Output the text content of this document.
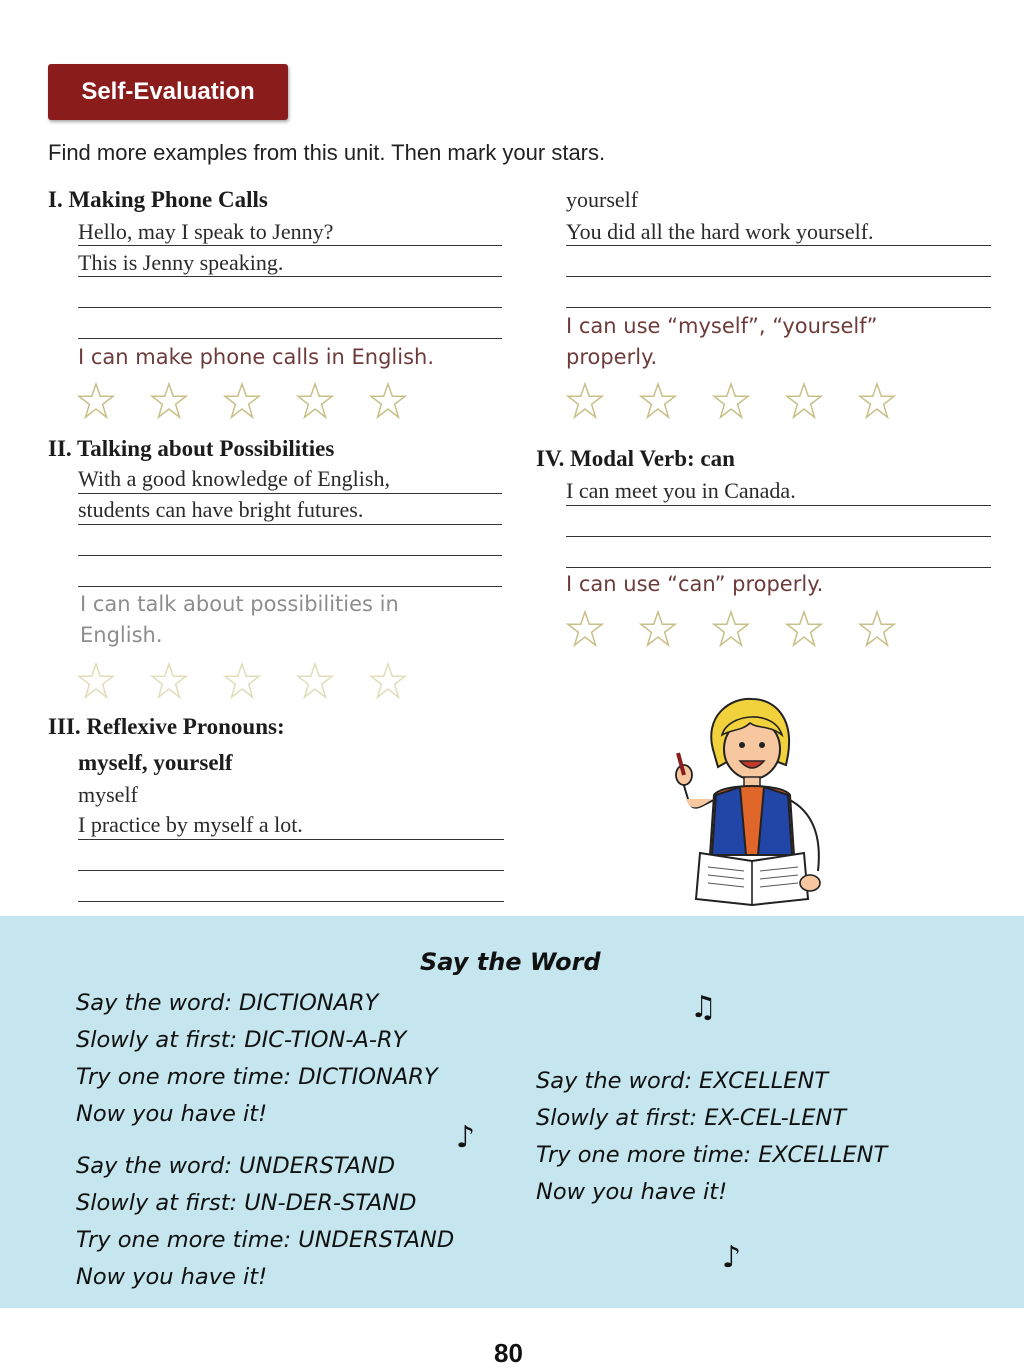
Self-Evaluation
Find more examples from this unit. Then mark your stars.
I. Making Phone Calls
Hello, may I speak to Jenny?
This is Jenny speaking.
I can make phone calls in English.
II. Talking about Possibilities
With a good knowledge of English,
students can have bright futures.
I can talk about possibilities in
English.
III. Reflexive Pronouns:
myself, yourself
myself
I practice by myself a lot.
yourself
You did all the hard work yourself.
I can use “myself”, “yourself”
properly.
IV. Modal Verb: can
I can meet you in Canada.
I can use “can” properly.
Say the Word
Say the word: DICTIONARY
Slowly at first: DIC-TION-A-RY
Try one more time: DICTIONARY
Now you have it!
Say the word: UNDERSTAND
Slowly at first: UN-DER-STAND
Try one more time: UNDERSTAND
Now you have it!
Say the word: EXCELLENT
Slowly at first: EX-CEL-LENT
Try one more time: EXCELLENT
Now you have it!
♫
♪
♪
80
